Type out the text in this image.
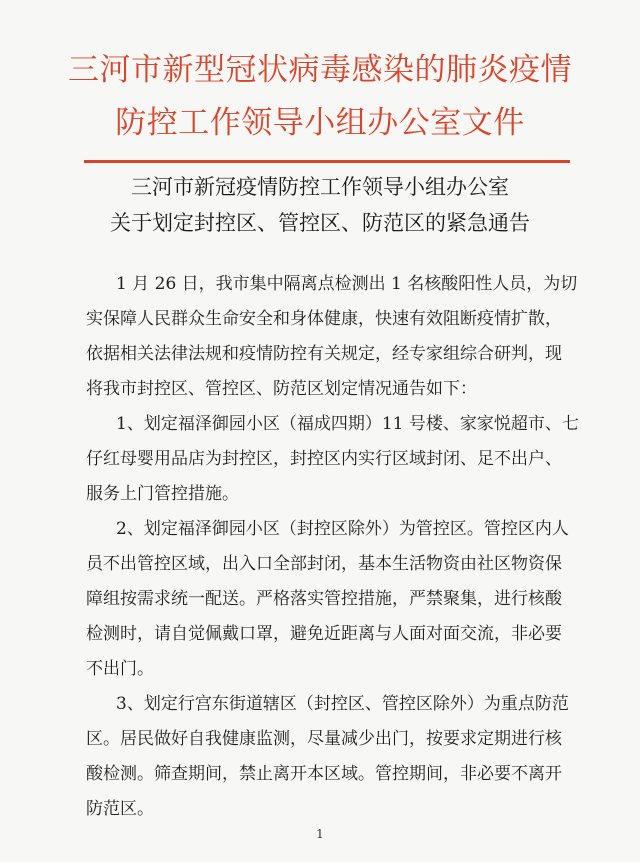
三河市新型冠状病毒感染的肺炎疫情
防控工作领导小组办公室文件
三河市新冠疫情防控工作领导小组办公室
关于划定封控区、管控区、防范区的紧急通告
1 月 26 日，我市集中隔离点检测出 1 名核酸阳性人员，为切
实保障人民群众生命安全和身体健康，快速有效阻断疫情扩散，
依据相关法律法规和疫情防控有关规定，经专家组综合研判，现
将我市封控区、管控区、防范区划定情况通告如下：
1、划定福泽御园小区（福成四期）11 号楼、家家悦超市、七
仔红母婴用品店为封控区，封控区内实行区域封闭、足不出户、
服务上门管控措施。
2、划定福泽御园小区（封控区除外）为管控区。管控区内人
员不出管控区域，出入口全部封闭，基本生活物资由社区物资保
障组按需求统一配送。严格落实管控措施，严禁聚集，进行核酸
检测时，请自觉佩戴口罩，避免近距离与人面对面交流，非必要
不出门。
3、划定行宫东街道辖区（封控区、管控区除外）为重点防范
区。居民做好自我健康监测，尽量减少出门，按要求定期进行核
酸检测。筛查期间，禁止离开本区域。管控期间，非必要不离开
防范区。
1
